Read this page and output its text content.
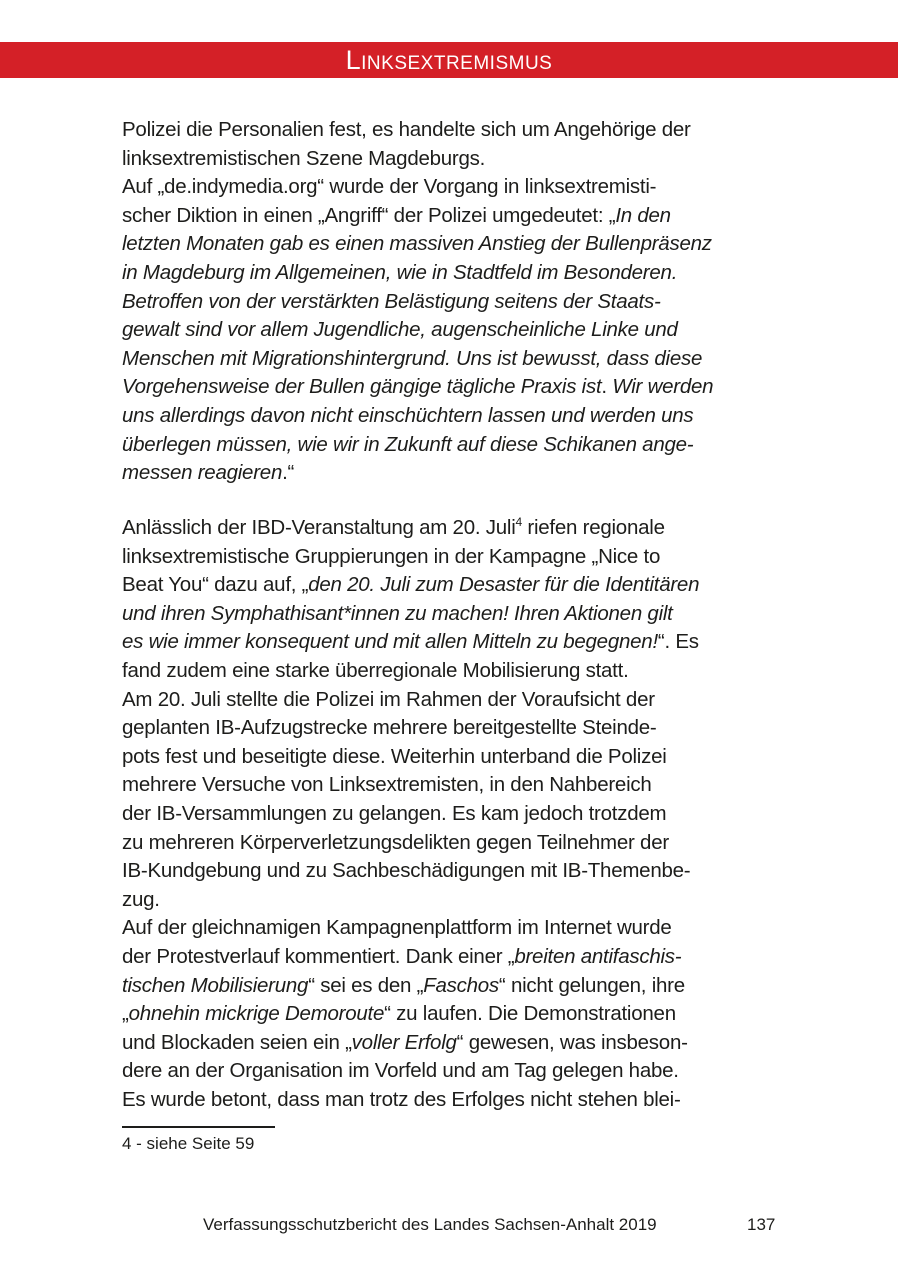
Linksextremismus
Polizei die Personalien fest, es handelte sich um Angehörige der
linksextremistischen Szene Magdeburgs.
Auf „de.indymedia.org“ wurde der Vorgang in linksextremisti-
scher Diktion in einen „Angriff“ der Polizei umgedeutet: „In den
letzten Monaten gab es einen massiven Anstieg der Bullenpräsenz
in Magdeburg im Allgemeinen, wie in Stadtfeld im Besonderen.
Betroffen von der verstärkten Belästigung seitens der Staats-
gewalt sind vor allem Jugendliche, augenscheinliche Linke und
Menschen mit Migrationshintergrund. Uns ist bewusst, dass diese
Vorgehensweise der Bullen gängige tägliche Praxis ist. Wir werden
uns allerdings davon nicht einschüchtern lassen und werden uns
überlegen müssen, wie wir in Zukunft auf diese Schikanen ange-
messen reagieren.“
Anlässlich der IBD-Veranstaltung am 20. Juli$^4$ riefen regionale
linksextremistische Gruppierungen in der Kampagne „Nice to
Beat You“ dazu auf, „den 20. Juli zum Desaster für die Identitären
und ihren Symphathisant*innen zu machen! Ihren Aktionen gilt
es wie immer konsequent und mit allen Mitteln zu begegnen!“. Es
fand zudem eine starke überregionale Mobilisierung statt.
Am 20. Juli stellte die Polizei im Rahmen der Voraufsicht der
geplanten IB-Aufzugstrecke mehrere bereitgestellte Steinde-
pots fest und beseitigte diese. Weiterhin unterband die Polizei
mehrere Versuche von Linksextremisten, in den Nahbereich
der IB-Versammlungen zu gelangen. Es kam jedoch trotzdem
zu mehreren Körperverletzungsdelikten gegen Teilnehmer der
IB-Kundgebung und zu Sachbeschädigungen mit IB-Themenbe-
zug.
Auf der gleichnamigen Kampagnenplattform im Internet wurde
der Protestverlauf kommentiert. Dank einer „breiten antifaschis-
tischen Mobilisierung“ sei es den „Faschos“ nicht gelungen, ihre
„ohnehin mickrige Demoroute“ zu laufen. Die Demonstrationen
und Blockaden seien ein „voller Erfolg“ gewesen, was insbeson-
dere an der Organisation im Vorfeld und am Tag gelegen habe.
Es wurde betont, dass man trotz des Erfolges nicht stehen blei-
4 - siehe Seite 59
Verfassungsschutzbericht des Landes Sachsen-Anhalt 2019	137
